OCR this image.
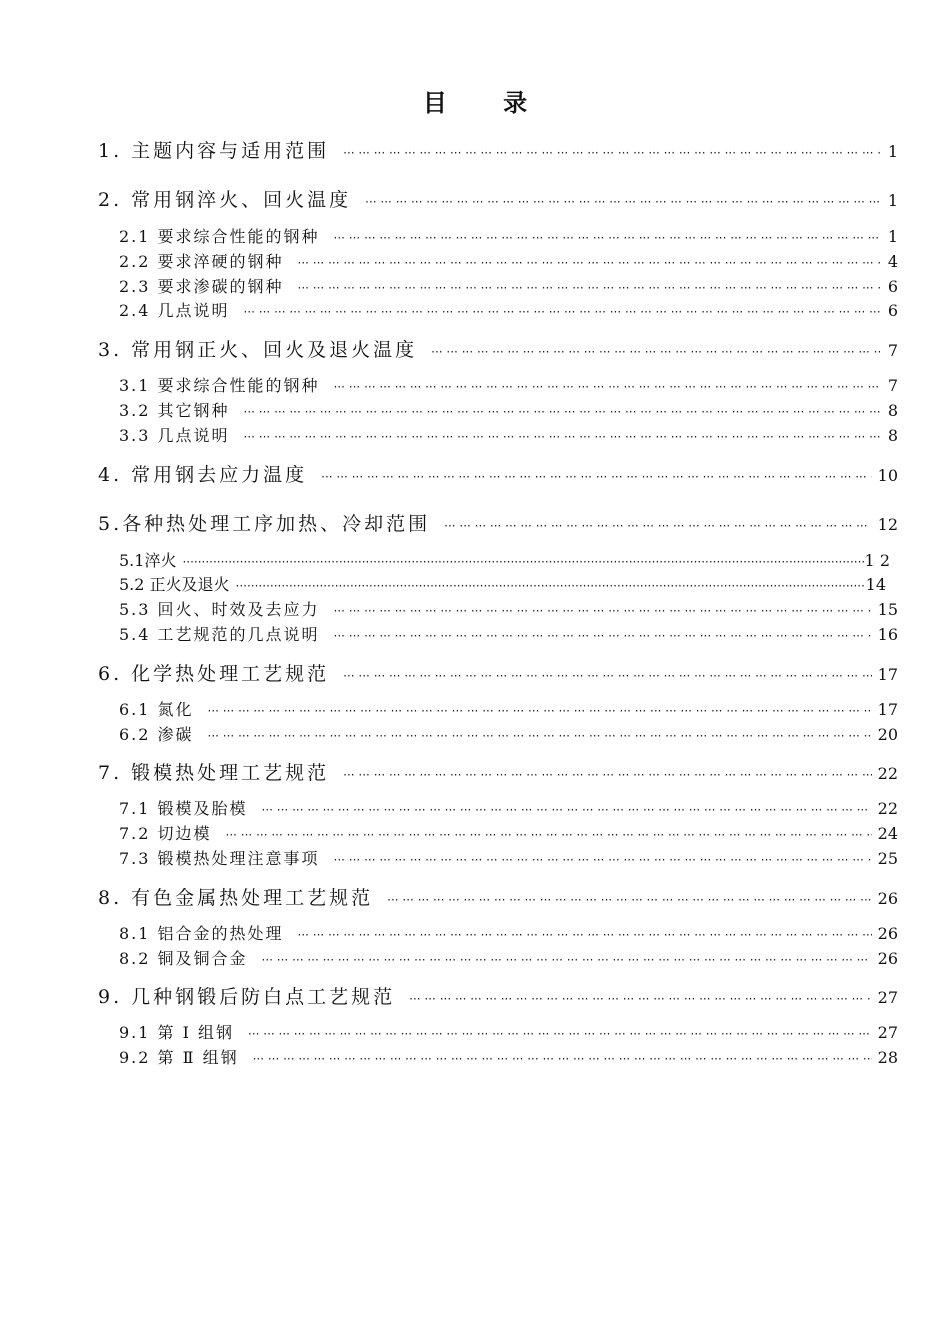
目 录
1. 主题内容与适用范围 ··· ·	1
2. 常用钢淬火、回火温度 ··· ·	1
2.1 要求综合性能的钢种 ··· ·	1
2.2 要求淬硬的钢种 ··· ·	4
2.3 要求渗碳的钢种 ··· ·	6
2.4 几点说明 ··· ·	6
3. 常用钢正火、回火及退火温度 ··· ·	7
3.1 要求综合性能的钢种 ··· ·	7
3.2 其它钢种 ··· ·	8
3.3 几点说明 ··· ·	8
4. 常用钢去应力温度 ··· ·	10
5.各种热处理工序加热、冷却范围 ··· ·	12
5.1淬火 ·····	1 2
5.2 正火及退火 ·····	14
5.3 回火、时效及去应力 ··· ·	15
5.4 工艺规范的几点说明 ··· ·	16
6. 化学热处理工艺规范 ··· ·	17
6.1 氮化 ··· ·	17
6.2 渗碳 ··· ·	20
7. 锻模热处理工艺规范 ··· ·	22
7.1 锻模及胎模 ··· ·	22
7.2 切边模 ··· ·	24
7.3 锻模热处理注意事项 ··· ·	25
8. 有色金属热处理工艺规范 ··· ·	26
8.1 铝合金的热处理 ··· ·	26
8.2 铜及铜合金 ··· ·	26
9. 几种钢锻后防白点工艺规范 ··· ·	27
9.1 第 Ⅰ 组钢 ··· ·	27
9.2 第 Ⅱ 组钢 ··· ·	28
